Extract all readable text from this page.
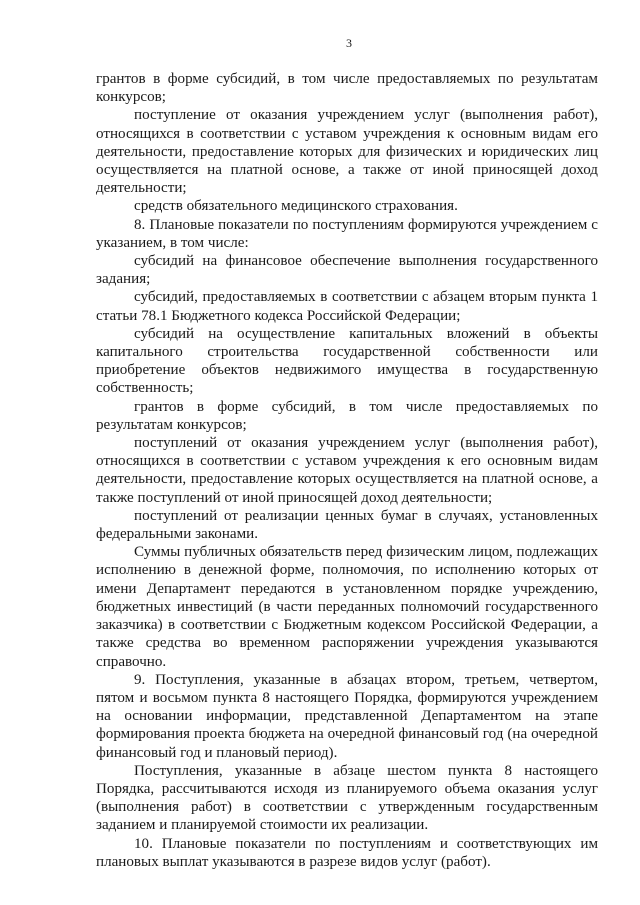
3

грантов в форме субсидий, в том числе предоставляемых по результатам конкурсов;

поступление от оказания учреждением услуг (выполнения работ), относящихся в соответствии с уставом учреждения к основным видам его деятельности, предоставление которых для физических и юридических лиц осуществляется на платной основе, а также от иной приносящей доход деятельности;

средств обязательного медицинского страхования.

8. Плановые показатели по поступлениям формируются учреждением с указанием, в том числе:

субсидий на финансовое обеспечение выполнения государственного задания;

субсидий, предоставляемых в соответствии с абзацем вторым пункта 1 статьи 78.1 Бюджетного кодекса Российской Федерации;

субсидий на осуществление капитальных вложений в объекты капитального строительства государственной собственности или приобретение объектов недвижимого имущества в государственную собственность;

грантов в форме субсидий, в том числе предоставляемых по результатам конкурсов;

поступлений от оказания учреждением услуг (выполнения работ), относящихся в соответствии с уставом учреждения к его основным видам деятельности, предоставление которых осуществляется на платной основе, а также поступлений от иной приносящей доход деятельности;

поступлений от реализации ценных бумаг в случаях, установленных федеральными законами.

Суммы публичных обязательств перед физическим лицом, подлежащих исполнению в денежной форме, полномочия, по исполнению которых от имени Департамент передаются в установленном порядке учреждению, бюджетных инвестиций (в части переданных полномочий государственного заказчика) в соответствии с Бюджетным кодексом Российской Федерации, а также средства во временном распоряжении учреждения указываются справочно.

9. Поступления, указанные в абзацах втором, третьем, четвертом, пятом и восьмом пункта 8 настоящего Порядка, формируются учреждением на основании информации, представленной Департаментом на этапе формирования проекта бюджета на очередной финансовый год (на очередной финансовый год и плановый период).

Поступления, указанные в абзаце шестом пункта 8 настоящего Порядка, рассчитываются исходя из планируемого объема оказания услуг (выполнения работ) в соответствии с утвержденным государственным заданием и планируемой стоимости их реализации.

10. Плановые показатели по поступлениям и соответствующих им плановых выплат указываются в разрезе видов услуг (работ).
